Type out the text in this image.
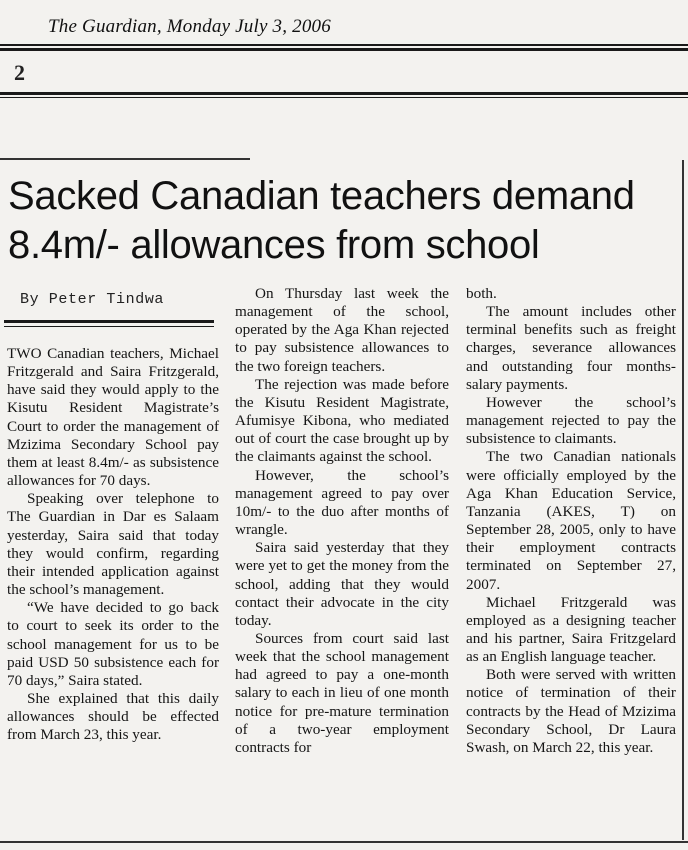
The Guardian, Monday July 3, 2006
2
Sacked Canadian teachers demand
8.4m/- allowances from school
By Peter Tindwa

TWO Canadian teachers, Michael Fritzgerald and Saira Fritzgerald, have said they would apply to the Kisutu Resident Magistrate’s Court to order the management of Mzizima Secondary School pay them at least 8.4m/- as subsistence allowances for 70 days.

Speaking over telephone to The Guardian in Dar es Salaam yesterday, Saira said that today they would confirm, regarding their intended application against the school’s management.

“We have decided to go back to court to seek its order to the school management for us to be paid USD 50 subsistence each for 70 days,” Saira stated.

She explained that this daily allowances should be effected from March 23, this year.

On Thursday last week the management of the school, operated by the Aga Khan rejected to pay subsistence allowances to the two foreign teachers.

The rejection was made before the Kisutu Resident Magistrate, Afumisye Kibona, who mediated out of court the case brought up by the claimants against the school.

However, the school’s management agreed to pay over 10m/- to the duo after months of wrangle.

Saira said yesterday that they were yet to get the money from the school, adding that they would contact their advocate in the city today.

Sources from court said last week that the school management had agreed to pay a one-month salary to each in lieu of one month notice for pre-mature termination of a two-year employment contracts for

both.

The amount includes other terminal benefits such as freight charges, severance allowances and outstanding four months-salary payments.

However the school’s management rejected to pay the subsistence to claimants.

The two Canadian nationals were officially employed by the Aga Khan Education Service, Tanzania (AKES, T) on September 28, 2005, only to have their employment contracts terminated on September 27, 2007.

Michael Fritzgerald was employed as a designing teacher and his partner, Saira Fritzgelard as an English language teacher.

Both were served with written notice of termination of their contracts by the Head of Mzizima Secondary School, Dr Laura Swash, on March 22, this year.
